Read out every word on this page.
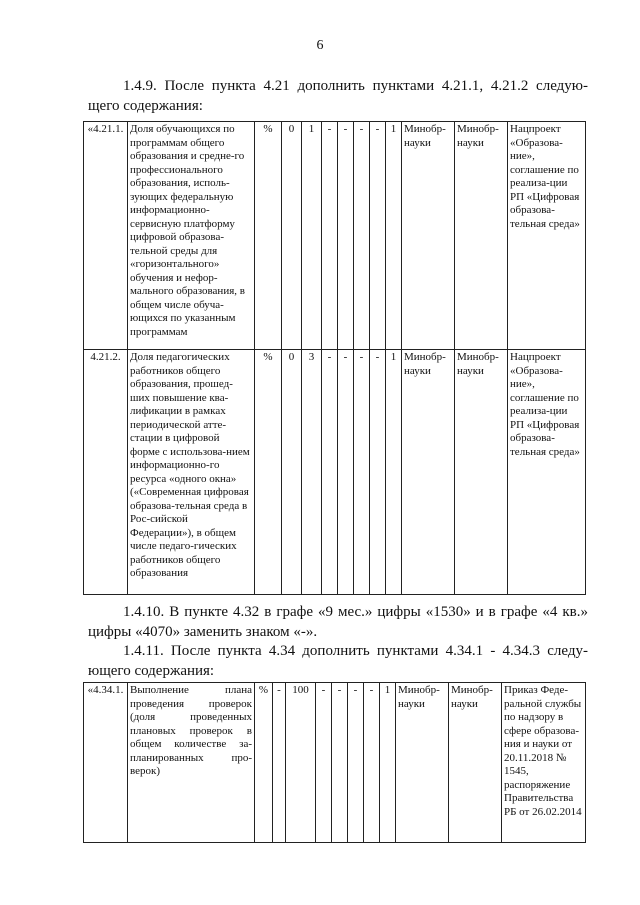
6
1.4.9. После пункта 4.21 дополнить пунктами 4.21.1, 4.21.2 следую-
щего содержания:
«4.21.1.	Доля обучающихся по программам общего образования и средне-го профессионального образования, исполь-зующих федеральную информационно-сервисную платформу цифровой образова-тельной среды для «горизонтального» обучения и нефор-мального образования, в общем числе обуча-ющихся по указанным программам	%	0	1	-	-	-	-	1	Минобр-науки	Минобр-науки	Нацпроект «Образова-ние», соглашение по реализа-ции РП «Цифровая образова-тельная среда»
4.21.2.	Доля педагогических работников общего образования, прошед-ших повышение ква-лификации в рамках периодической атте-стации в цифровой форме с использова-нием информационно-го ресурса «одного окна» («Современная цифровая образова-тельная среда в Рос-сийской Федерации»), в общем числе педаго-гических работников общего образования	%	0	3	-	-	-	-	1	Минобр-науки	Минобр-науки	Нацпроект «Образова-ние», соглашение по реализа-ции РП «Цифровая образова-тельная среда»
1.4.10. В пункте 4.32 в графе «9 мес.» цифры «1530» и в графе «4 кв.»
цифры «4070» заменить знаком «-».
1.4.11. После пункта 4.34 дополнить пунктами 4.34.1 - 4.34.3 следу-
ющего содержания:
«4.34.1.	Выполнение плана проведения проверок (доля проведенных плановых проверок в общем количестве за-планированных про-верок)	%	-	100	-	-	-	-	1	Минобр-науки	Минобр-науки	Приказ Феде-ральной службы по надзору в сфере образова-ния и науки от 20.11.2018 № 1545, распоряжение Правительства РБ от 26.02.2014
